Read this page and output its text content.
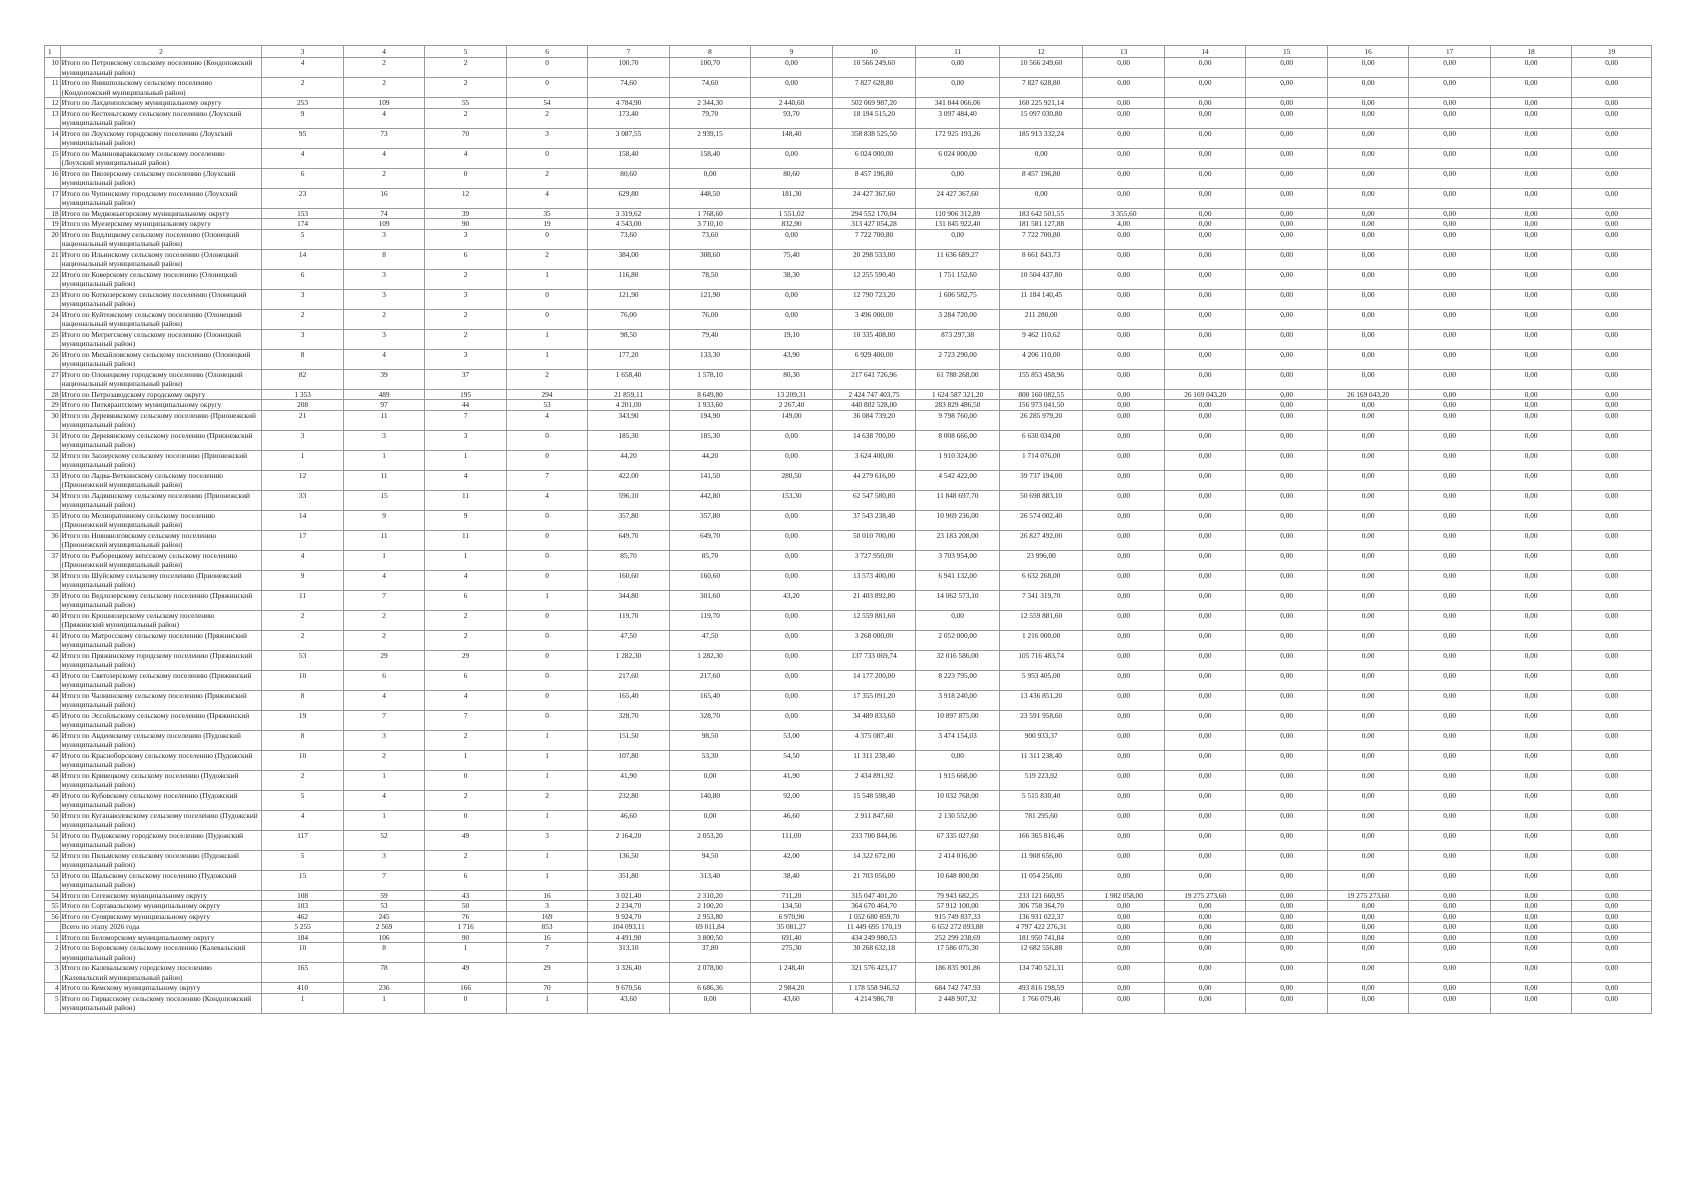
1	2	3	4	5	6	7	8	9	10	11	12	13	14	15	16	17	18	19
10	Итого по Петровскому сельскому поселению (Кондопожский муниципальный район)	4	2	2	0	100,70	100,70	0,00	10 566 249,60	0,00	10 566 249,60	0,00	0,00	0,00	0,00	0,00	0,00	0,00
11	Итого по Янишпольскому сельскому поселению (Кондопожский муниципальный район)	2	2	2	0	74,60	74,60	0,00	7 827 628,80	0,00	7 827 628,80	0,00	0,00	0,00	0,00	0,00	0,00	0,00
12	Итого по Лахденпохскому муниципальному округу	253	109	55	54	4 784,90	2 344,30	2 440,60	502 069 987,20	341 844 066,06	160 225 921,14	0,00	0,00	0,00	0,00	0,00	0,00	0,00
13	Итого по Кестеньгскому сельскому поселению (Лоухский муниципальный район)	9	4	2	2	173,40	79,70	93,70	18 194 515,20	3 097 484,40	15 097 030,80	0,00	0,00	0,00	0,00	0,00	0,00	0,00
14	Итого по Лоухскому городскому поселению (Лоухский муниципальный район)	95	73	70	3	3 087,55	2 939,15	148,40	358 838 525,50	172 925 193,26	185 913 332,24	0,00	0,00	0,00	0,00	0,00	0,00	0,00
15	Итого по Малиновараккскому сельскому поселению (Лоухский муниципальный район)	4	4	4	0	158,40	158,40	0,00	6 024 000,00	6 024 000,00	0,00	0,00	0,00	0,00	0,00	0,00	0,00	0,00
16	Итого по Пяозерскому сельскому поселению (Лоухский муниципальный район)	6	2	0	2	80,60	0,00	80,60	8 457 196,80	0,00	8 457 196,80	0,00	0,00	0,00	0,00	0,00	0,00	0,00
17	Итого по Чупинскому городскому поселению (Лоухский муниципальный район)	23	16	12	4	629,80	448,50	181,30	24 427 367,60	24 427 367,60	0,00	0,00	0,00	0,00	0,00	0,00	0,00	0,00
18	Итого по Медвежьегорскому муниципальному округу	153	74	39	35	3 319,62	1 768,60	1 551,02	294 552 170,04	110 906 312,89	183 642 501,55	3 355,60	0,00	0,00	0,00	0,00	0,00	0,00
19	Итого по Муезерскому муниципальному округу	174	109	90	19	4 543,00	3 710,10	832,90	313 427 054,28	131 845 922,40	181 581 127,88	4,00	0,00	0,00	0,00	0,00	0,00	0,00
20	Итого по Видлицкому сельскому поселению (Олонецкий национальный муниципальный район)	5	3	3	0	73,60	73,60	0,00	7 722 700,80	0,00	7 722 700,80	0,00	0,00	0,00	0,00	0,00	0,00	0,00
21	Итого по Ильинскому сельскому поселению (Олонецкий национальный муниципальный район)	14	8	6	2	384,00	308,60	75,40	20 298 533,00	11 636 689,27	8 661 843,73	0,00	0,00	0,00	0,00	0,00	0,00	0,00
22	Итого по Коверскому сельскому поселению (Олонецкий муниципальный район)	6	3	2	1	116,80	78,50	38,30	12 255 590,40	1 751 152,60	10 504 437,80	0,00	0,00	0,00	0,00	0,00	0,00	0,00
23	Итого по Коткозерскому сельскому поселению (Олонецкий муниципальный район)	3	3	3	0	121,90	121,90	0,00	12 790 723,20	1 606 582,75	11 184 140,45	0,00	0,00	0,00	0,00	0,00	0,00	0,00
24	Итого по Куйтежскому сельскому поселению (Олонецкий национальный муниципальный район)	2	2	2	0	76,00	76,00	0,00	3 496 000,00	3 284 720,00	211 280,00	0,00	0,00	0,00	0,00	0,00	0,00	0,00
25	Итого по Мегрегскому сельскому поселению (Олонецкий муниципальный район)	3	3	2	1	98,50	79,40	19,10	10 335 408,00	873 297,38	9 462 110,62	0,00	0,00	0,00	0,00	0,00	0,00	0,00
26	Итого по Михайловскому сельскому поселению (Олонецкий муниципальный район)	8	4	3	1	177,20	133,30	43,90	6 929 400,00	2 723 290,00	4 206 110,00	0,00	0,00	0,00	0,00	0,00	0,00	0,00
27	Итого по Олонецкому городскому поселению (Олонецкий национальный муниципальный район)	82	39	37	2	1 658,40	1 578,10	80,30	217 641 726,96	61 788 268,00	155 853 458,96	0,00	0,00	0,00	0,00	0,00	0,00	0,00
28	Итого по Петрозаводскому городскому округу	1 353	489	195	294	21 859,11	8 649,80	13 209,31	2 424 747 403,75	1 624 587 321,20	800 160 082,55	0,00	26 169 043,20	0,00	26 169 043,20	0,00	0,00	0,00
29	Итого по Питкярантскому муниципальному округу	208	97	44	53	4 201,00	1 933,60	2 267,40	440 802 528,00	283 829 486,50	156 973 041,50	0,00	0,00	0,00	0,00	0,00	0,00	0,00
30	Итого по Деревянкскому сельскому поселению (Прионежский муниципальный район)	21	11	7	4	343,90	194,90	149,00	36 084 739,20	9 798 760,00	26 285 979,20	0,00	0,00	0,00	0,00	0,00	0,00	0,00
31	Итого по Деревянскому сельскому поселению (Прионежский муниципальный район)	3	3	3	0	185,30	185,30	0,00	14 638 700,00	8 008 666,00	6 630 034,00	0,00	0,00	0,00	0,00	0,00	0,00	0,00
32	Итого по Заозерскому сельскому поселению (Прионежский муниципальный район)	1	1	1	0	44,20	44,20	0,00	3 624 400,00	1 910 324,00	1 714 076,00	0,00	0,00	0,00	0,00	0,00	0,00	0,00
33	Итого по Ладва-Веткинскому сельскому поселению (Прионежский муниципальный район)	12	11	4	7	422,00	141,50	280,50	44 279 616,00	4 542 422,00	39 737 194,00	0,00	0,00	0,00	0,00	0,00	0,00	0,00
34	Итого по Ладвинскому сельскому поселению (Прионежский муниципальный район)	33	15	11	4	596,10	442,80	153,30	62 547 580,80	11 848 697,70	50 698 883,10	0,00	0,00	0,00	0,00	0,00	0,00	0,00
35	Итого по Мелиоративному сельскому поселению (Прионежский муниципальный район)	14	9	9	0	357,80	357,80	0,00	37 543 238,40	10 969 236,00	26 574 002,40	0,00	0,00	0,00	0,00	0,00	0,00	0,00
36	Итого по Нововилговскому сельскому поселению (Прионежский муниципальный район)	17	11	11	0	649,70	649,70	0,00	50 010 700,00	23 183 208,00	26 827 492,00	0,00	0,00	0,00	0,00	0,00	0,00	0,00
37	Итого по Рыборецкому вепсскому сельскому поселению (Прионежский муниципальный район)	4	1	1	0	85,70	85,70	0,00	3 727 950,00	3 703 954,00	23 996,00	0,00	0,00	0,00	0,00	0,00	0,00	0,00
38	Итого по Шуйскому сельскому поселению (Прионежский муниципальный район)	9	4	4	0	160,60	160,60	0,00	13 573 400,00	6 941 132,00	6 632 268,00	0,00	0,00	0,00	0,00	0,00	0,00	0,00
39	Итого по Ведлозерскому сельскому поселению (Пряжинский муниципальный район)	11	7	6	1	344,80	301,60	43,20	21 403 892,80	14 062 573,10	7 341 319,70	0,00	0,00	0,00	0,00	0,00	0,00	0,00
40	Итого по Крошнозерскому сельскому поселению (Пряжинский муниципальный район)	2	2	2	0	119,70	119,70	0,00	12 559 881,60	0,00	12 559 881,60	0,00	0,00	0,00	0,00	0,00	0,00	0,00
41	Итого по Матросскому сельскому поселению (Пряжинский муниципальный район)	2	2	2	0	47,50	47,50	0,00	3 268 000,00	2 052 000,00	1 216 000,00	0,00	0,00	0,00	0,00	0,00	0,00	0,00
42	Итого по Пряжинскому городскому поселению (Пряжинский муниципальный район)	53	29	29	0	1 282,30	1 282,30	0,00	137 733 069,74	32 016 586,00	105 716 483,74	0,00	0,00	0,00	0,00	0,00	0,00	0,00
43	Итого по Святозерскому сельскому поселению (Пряжинский муниципальный район)	10	6	6	0	217,60	217,60	0,00	14 177 200,00	8 223 795,00	5 953 405,00	0,00	0,00	0,00	0,00	0,00	0,00	0,00
44	Итого по Чалнинскому сельскому поселению (Пряжинский муниципальный район)	8	4	4	0	165,40	165,40	0,00	17 355 091,20	3 918 240,00	13 436 851,20	0,00	0,00	0,00	0,00	0,00	0,00	0,00
45	Итого по Эссойльскому сельскому поселению (Пряжинский муниципальный район)	19	7	7	0	328,70	328,70	0,00	34 489 833,60	10 897 875,00	23 591 958,60	0,00	0,00	0,00	0,00	0,00	0,00	0,00
46	Итого по Авдеевскому сельскому поселению (Пудожский муниципальный район)	8	3	2	1	151,50	98,50	53,00	4 375 087,40	3 474 154,03	900 933,37	0,00	0,00	0,00	0,00	0,00	0,00	0,00
47	Итого по Красноборскому сельскому поселению (Пудожский муниципальный район)	10	2	1	1	107,80	53,30	54,50	11 311 238,40	0,00	11 311 238,40	0,00	0,00	0,00	0,00	0,00	0,00	0,00
48	Итого по Кривецкому сельскому поселению (Пудожский муниципальный район)	2	1	0	1	41,90	0,00	41,90	2 434 891,92	1 915 668,00	519 223,92	0,00	0,00	0,00	0,00	0,00	0,00	0,00
49	Итого по Кубовскому сельскому поселению (Пудожский муниципальный район)	5	4	2	2	232,80	140,80	92,00	15 548 598,40	10 032 768,00	5 515 830,40	0,00	0,00	0,00	0,00	0,00	0,00	0,00
50	Итого по Куганаволокскому сельскому поселению (Пудожский муниципальный район)	4	1	0	1	46,60	0,00	46,60	2 911 847,60	2 130 552,00	781 295,60	0,00	0,00	0,00	0,00	0,00	0,00	0,00
51	Итого по Пудожскому городскому поселению (Пудожский муниципальный район)	117	52	49	3	2 164,20	2 053,20	111,00	233 700 844,06	67 335 027,60	166 365 816,46	0,00	0,00	0,00	0,00	0,00	0,00	0,00
52	Итого по Пяльмскому сельскому поселению (Пудожский муниципальный район)	5	3	2	1	136,50	94,50	42,00	14 322 672,00	2 414 016,00	11 908 656,00	0,00	0,00	0,00	0,00	0,00	0,00	0,00
53	Итого по Шальскому сельскому поселению (Пудожский муниципальный район)	15	7	6	1	351,80	313,40	38,40	21 703 056,00	10 648 800,00	11 054 256,00	0,00	0,00	0,00	0,00	0,00	0,00	0,00
54	Итого по Сегежскому муниципальному округу	108	59	43	16	3 021,40	2 310,20	711,20	315 047 401,20	79 943 682,25	233 121 660,95	1 982 058,00	19 275 273,60	0,00	19 275 273,60	0,00	0,00	0,00
55	Итого по Сортавальскому муниципальному округу	103	53	50	3	2 234,70	2 100,20	134,50	364 670 464,70	57 912 100,00	306 758 364,70	0,00	0,00	0,00	0,00	0,00	0,00	0,00
56	Итого по Суоярвскому муниципальному округу	462	245	76	169	9 924,70	2 953,80	6 970,90	1 052 680 859,70	915 749 837,33	136 931 022,37	0,00	0,00	0,00	0,00	0,00	0,00	0,00
	Всего по этапу 2026 года	5 255	2 569	1 716	853	104 093,11	69 011,84	35 081,27	11 449 695 170,19	6 652 272 893,88	4 797 422 276,31	0,00	0,00	0,00	0,00	0,00	0,00	0,00
1	Итого по Беломорскому муниципальному округу	184	106	90	16	4 491,90	3 800,50	691,40	434 249 980,53	252 299 238,69	181 950 741,84	0,00	0,00	0,00	0,00	0,00	0,00	0,00
2	Итого по Боровскому сельскому поселению (Калевальский муниципальный район)	10	8	1	7	313,10	37,80	275,30	30 268 632,18	17 586 075,30	12 682 556,88	0,00	0,00	0,00	0,00	0,00	0,00	0,00
3	Итого по Калевальскому городскому поселению (Калевальский муниципальный район)	165	78	49	29	3 326,40	2 078,00	1 248,40	321 576 423,17	186 835 901,86	134 740 521,31	0,00	0,00	0,00	0,00	0,00	0,00	0,00
4	Итого по Кемскому муниципальному округу	410	236	166	70	9 670,56	6 686,36	2 984,20	1 178 558 946,52	684 742 747,93	493 816 198,59	0,00	0,00	0,00	0,00	0,00	0,00	0,00
5	Итого по Гирвасскому сельскому поселению (Кондопожский муниципальный район)	1	1	0	1	43,60	0,00	43,60	4 214 986,78	2 448 907,32	1 766 079,46	0,00	0,00	0,00	0,00	0,00	0,00	0,00
